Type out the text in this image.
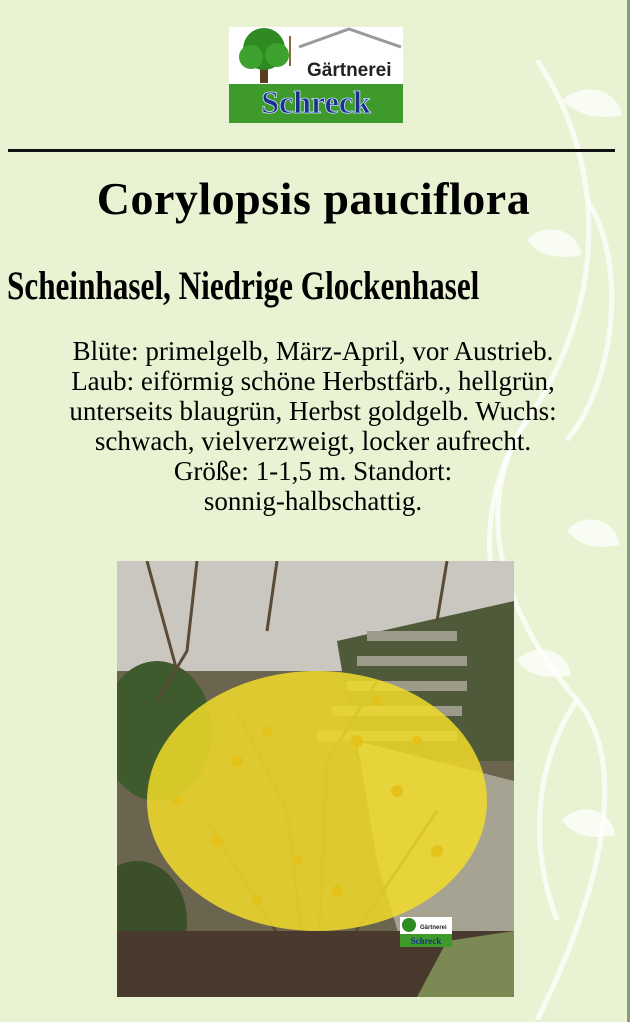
Gärtnerei
Schreck
Corylopsis pauciflora
Scheinhasel, Niedrige Glockenhasel
Blüte: primelgelb, März-April, vor Austrieb.
Laub: eiförmig schöne Herbstfärb., hellgrün,
unterseits blaugrün, Herbst goldgelb. Wuchs:
schwach, vielverzweigt, locker aufrecht.
Größe: 1-1,5 m. Standort:
sonnig-halbschattig.
Gärtnerei
Schreck
